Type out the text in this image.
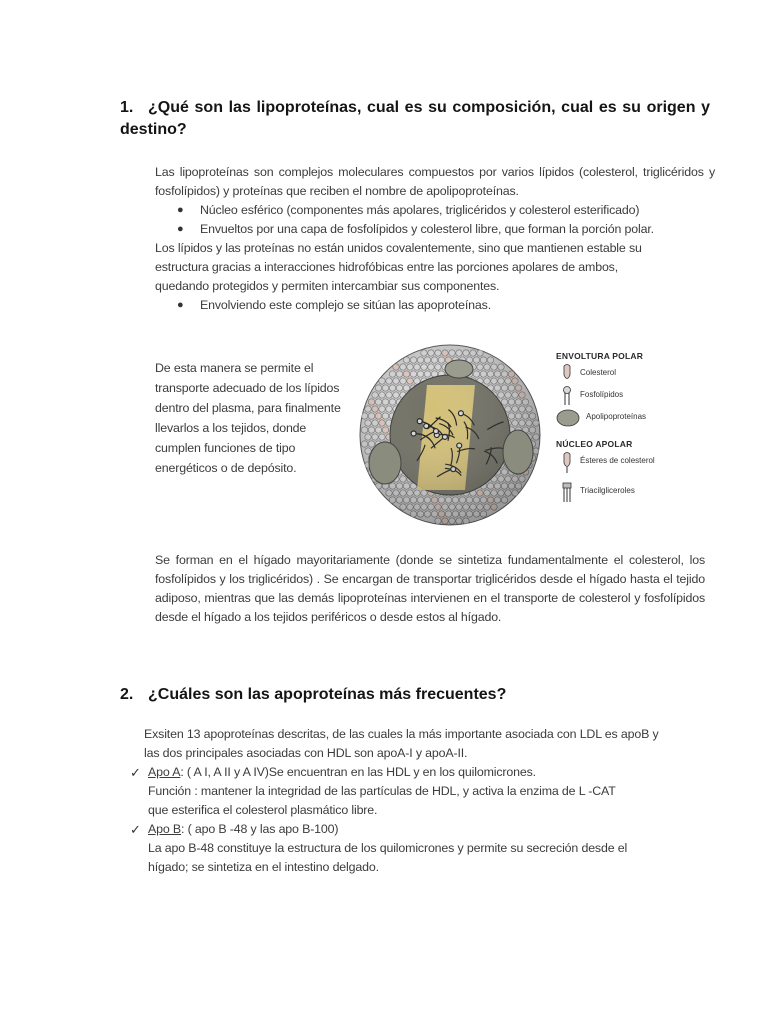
1. ¿Qué son las lipoproteínas, cual es su composición, cual es su origen y destino?
Las lipoproteínas son complejos moleculares compuestos por varios lípidos (colesterol, triglicéridos y fosfolípidos) y proteínas que reciben el nombre de apolipoproteínas.
● Núcleo esférico (componentes más apolares, triglicéridos y colesterol esterificado)
● Envueltos por una capa de fosfolípidos y colesterol libre, que forman la porción polar.
Los lípidos y las proteínas no están unidos covalentemente, sino que mantienen estable su estructura gracias a interacciones hidrofóbicas entre las porciones apolares de ambos, quedando protegidos y permiten intercambiar sus componentes.
● Envolviendo este complejo se sitúan las apoproteínas.
De esta manera se permite el transporte adecuado de los lípidos dentro del plasma, para finalmente llevarlos a los tejidos, donde cumplen funciones de tipo energéticos o de depósito.
ENVOLTURA POLAR
Colesterol
Fosfolípidos
Apolipoproteínas
NÚCLEO APOLAR
Ésteres de colesterol
Triacilgliceroles
Se forman en el hígado mayoritariamente (donde se sintetiza fundamentalmente el colesterol, los fosfolípidos y los triglicéridos) . Se encargan de transportar triglicéridos desde el hígado hasta el tejido adiposo, mientras que las demás lipoproteínas intervienen en el transporte de colesterol y fosfolípidos desde el hígado a los tejidos periféricos o desde estos al hígado.
2. ¿Cuáles son las apoproteínas más frecuentes?
Exsiten 13 apoproteínas descritas, de las cuales la más importante asociada con LDL es apoB y las dos principales asociadas con HDL son apoA-I y apoA-II.
✓ Apo A: ( A I, A II y A IV)Se encuentran en las HDL y en los quilomicrones.
Función : mantener la integridad de las partículas de HDL, y activa la enzima de L -CAT que esterifica el colesterol plasmático libre.
✓ Apo B: ( apo B -48 y las apo B-100)
La apo B-48 constituye la estructura de los quilomicrones y permite su secreción desde el hígado; se sintetiza en el intestino delgado.
